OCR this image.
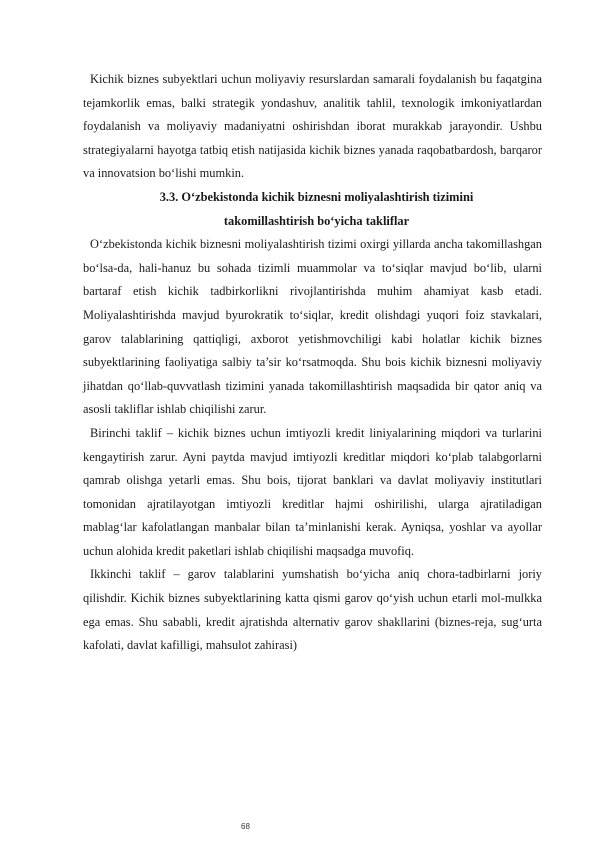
Kichik biznes subyektlari uchun moliyaviy resurslardan samarali foydalanish bu faqatgina tejamkorlik emas, balki strategik yondashuv, analitik tahlil, texnologik imkoniyatlardan foydalanish va moliyaviy madaniyatni oshirishdan iborat murakkab jarayondir. Ushbu strategiyalarni hayotga tatbiq etish natijasida kichik biznes yanada raqobatbardosh, barqaror va innovatsion bo‘lishi mumkin.

3.3. O‘zbekistonda kichik biznesni moliyalashtirish tizimini

takomillashtirish bo‘yicha takliflar

O‘zbekistonda kichik biznesni moliyalashtirish tizimi oxirgi yillarda ancha takomillashgan bo‘lsa-da, hali-hanuz bu sohada tizimli muammolar va to‘siqlar mavjud bo‘lib, ularni bartaraf etish kichik tadbirkorlikni rivojlantirishda muhim ahamiyat kasb etadi. Moliyalashtirishda mavjud byurokratik to‘siqlar, kredit olishdagi yuqori foiz stavkalari, garov talablarining qattiqligi, axborot yetishmovchiligi kabi holatlar kichik biznes subyektlarining faoliyatiga salbiy ta’sir ko‘rsatmoqda. Shu bois kichik biznesni moliyaviy jihatdan qo‘llab-quvvatlash tizimini yanada takomillashtirish maqsadida bir qator aniq va asosli takliflar ishlab chiqilishi zarur.

Birinchi taklif – kichik biznes uchun imtiyozli kredit liniyalarining miqdori va turlarini kengaytirish zarur. Ayni paytda mavjud imtiyozli kreditlar miqdori ko‘plab talabgorlarni qamrab olishga yetarli emas. Shu bois, tijorat banklari va davlat moliyaviy institutlari tomonidan ajratilayotgan imtiyozli kreditlar hajmi oshirilishi, ularga ajratiladigan mablag‘lar kafolatlangan manbalar bilan ta’minlanishi kerak. Ayniqsa, yoshlar va ayollar uchun alohida kredit paketlari ishlab chiqilishi maqsadga muvofiq.

Ikkinchi taklif – garov talablarini yumshatish bo‘yicha aniq chora-tadbirlarni joriy qilishdir. Kichik biznes subyektlarining katta qismi garov qo‘yish uchun etarli mol-mulkka ega emas. Shu sababli, kredit ajratishda alternativ garov shakllarini (biznes-reja, sug‘urta kafolati, davlat kafilligi, mahsulot zahirasi)

68
